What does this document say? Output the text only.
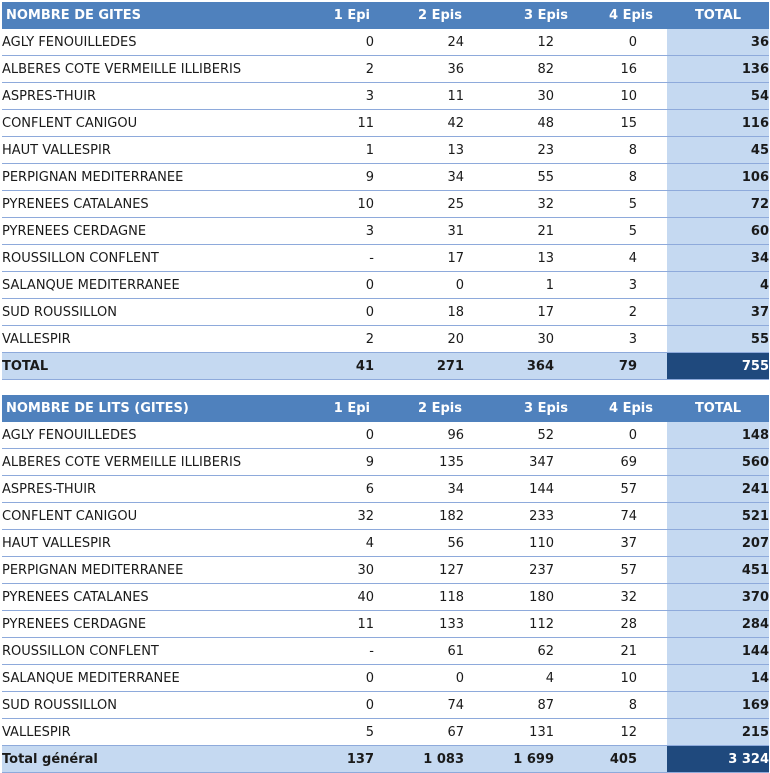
NOMBRE DE GITES	1 Epi	2 Epis	3 Epis	4 Epis	TOTAL
AGLY FENOUILLEDES	0	24	12	0	36
ALBERES COTE VERMEILLE ILLIBERIS	2	36	82	16	136
ASPRES-THUIR	3	11	30	10	54
CONFLENT CANIGOU	11	42	48	15	116
HAUT VALLESPIR	1	13	23	8	45
PERPIGNAN MEDITERRANEE	9	34	55	8	106
PYRENEES CATALANES	10	25	32	5	72
PYRENEES CERDAGNE	3	31	21	5	60
ROUSSILLON CONFLENT	-	17	13	4	34
SALANQUE MEDITERRANEE	0	0	1	3	4
SUD ROUSSILLON	0	18	17	2	37
VALLESPIR	2	20	30	3	55
TOTAL	41	271	364	79	755
NOMBRE DE LITS (GITES)	1 Epi	2 Epis	3 Epis	4 Epis	TOTAL
AGLY FENOUILLEDES	0	96	52	0	148
ALBERES COTE VERMEILLE ILLIBERIS	9	135	347	69	560
ASPRES-THUIR	6	34	144	57	241
CONFLENT CANIGOU	32	182	233	74	521
HAUT VALLESPIR	4	56	110	37	207
PERPIGNAN MEDITERRANEE	30	127	237	57	451
PYRENEES CATALANES	40	118	180	32	370
PYRENEES CERDAGNE	11	133	112	28	284
ROUSSILLON CONFLENT	-	61	62	21	144
SALANQUE MEDITERRANEE	0	0	4	10	14
SUD ROUSSILLON	0	74	87	8	169
VALLESPIR	5	67	131	12	215
Total général	137	1 083	1 699	405	3 324
